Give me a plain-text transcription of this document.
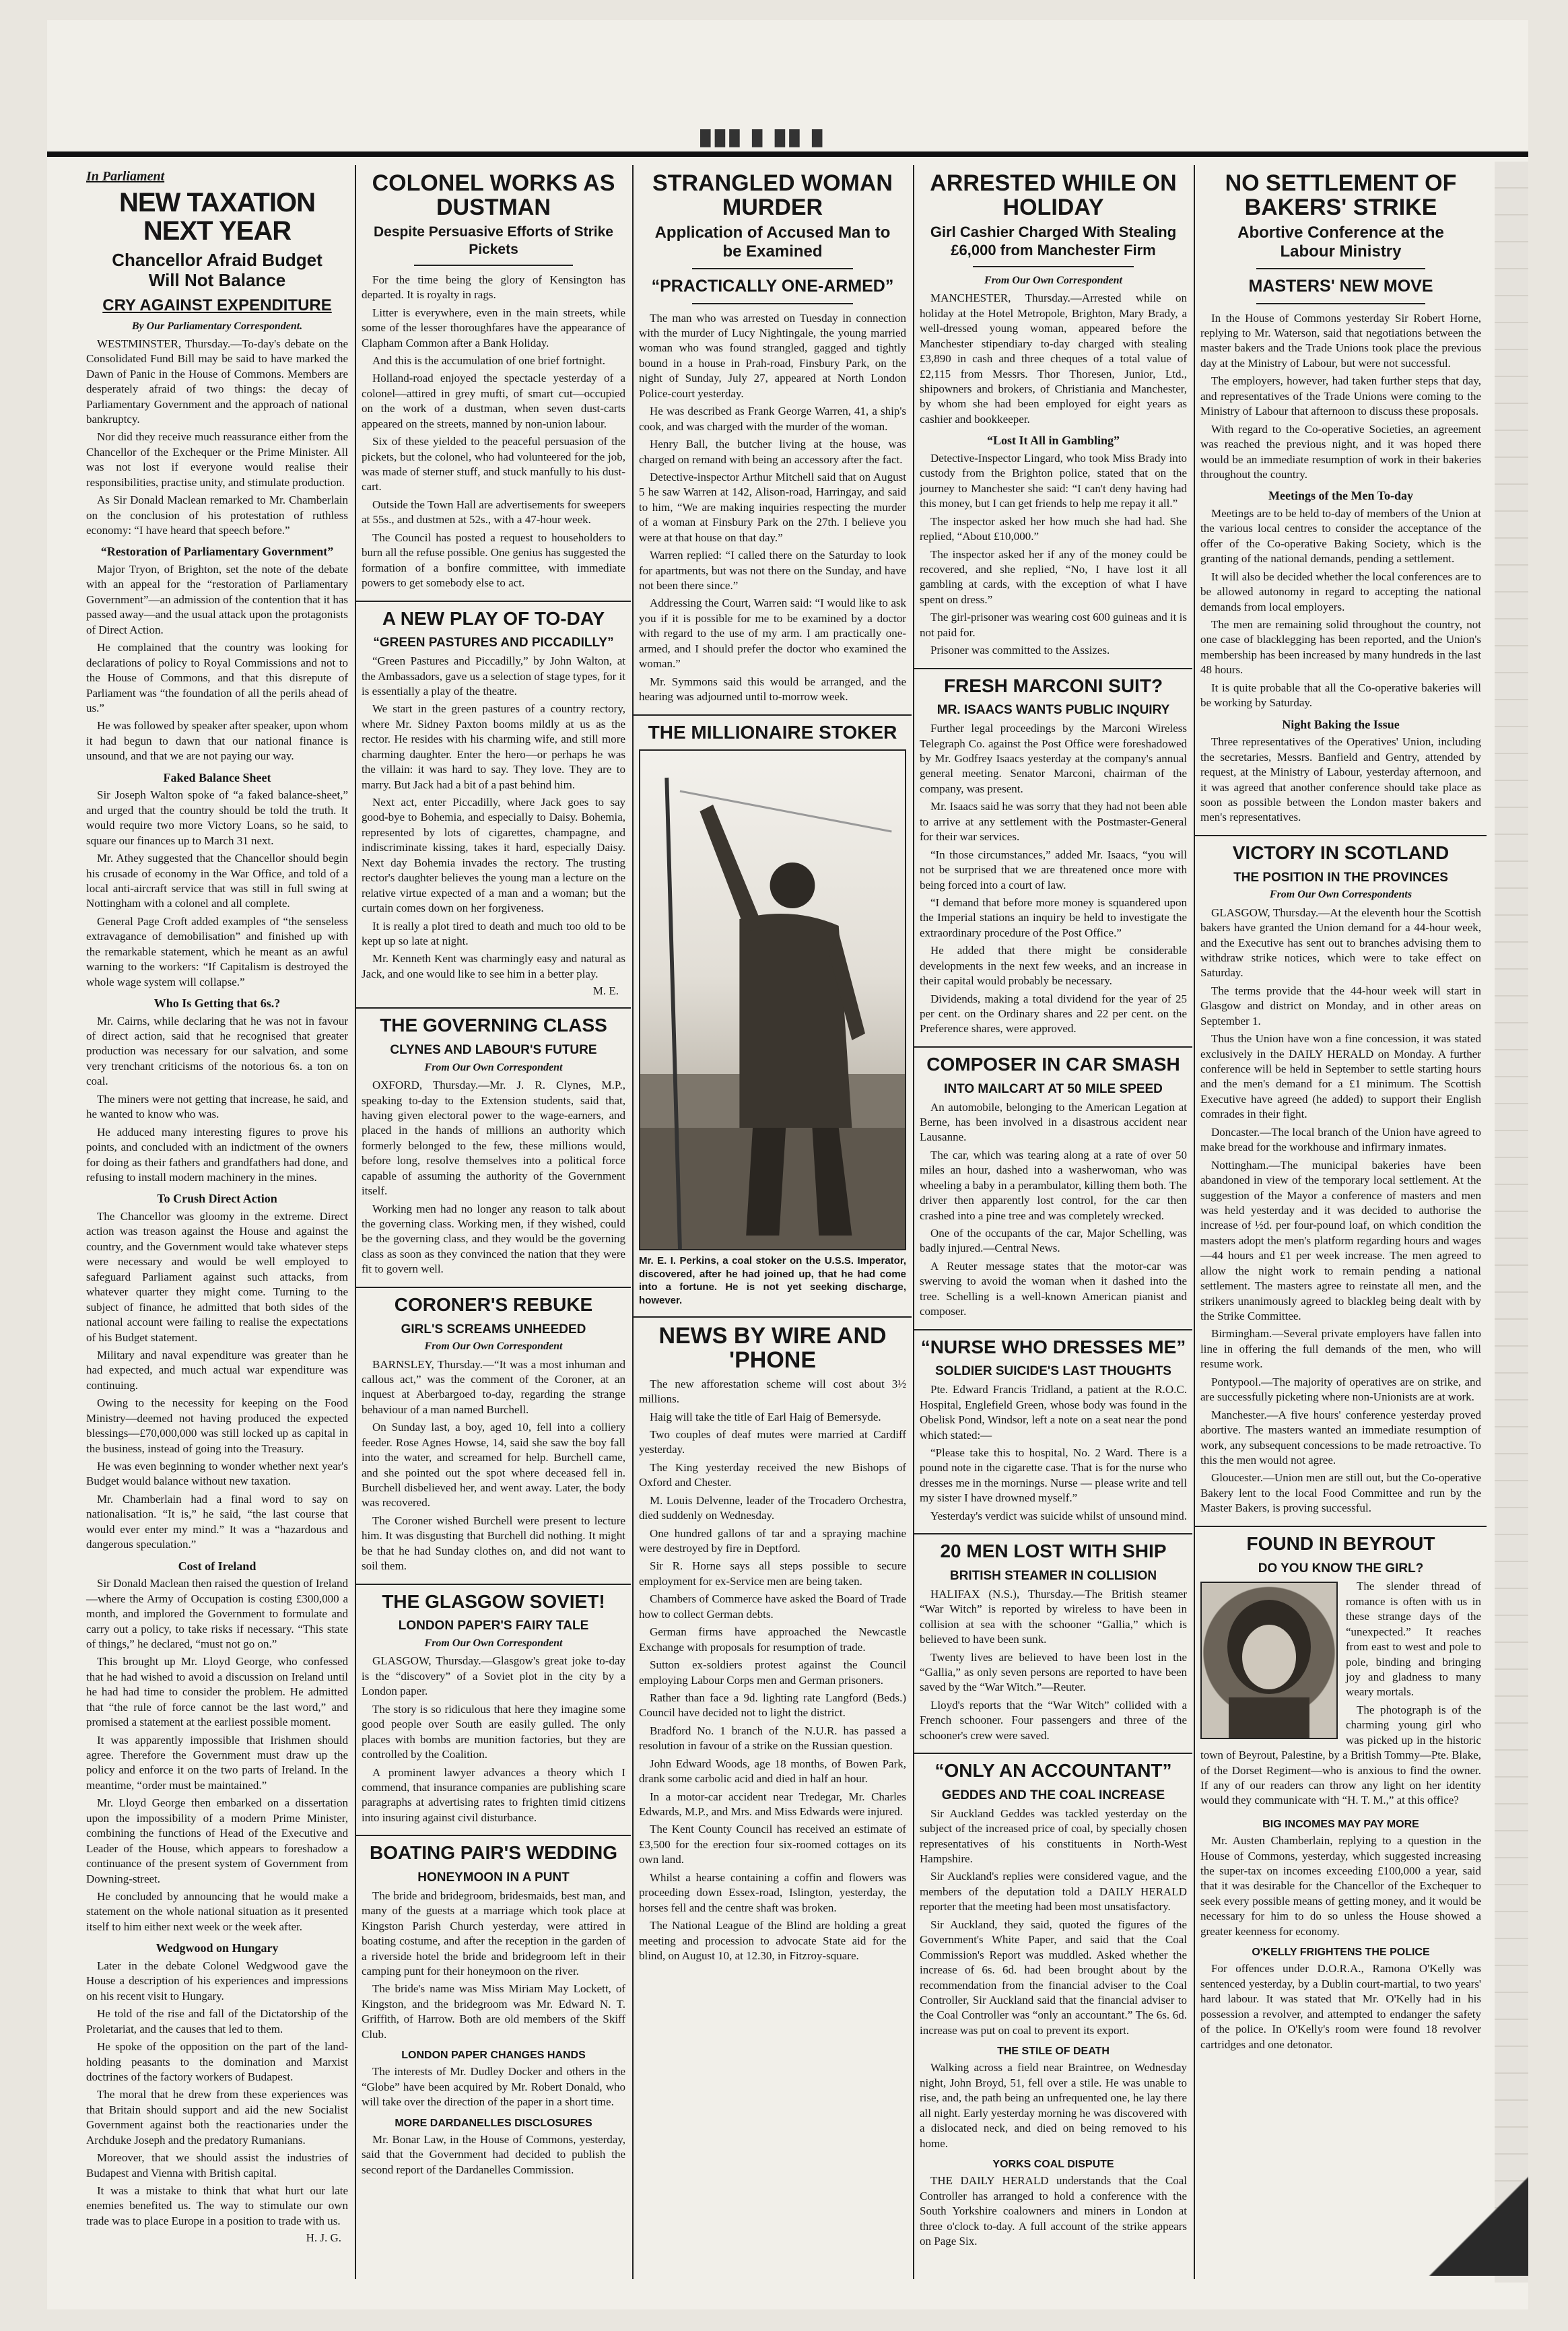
███ █ ██ █
In Parliament
NEW TAXATION NEXT YEAR
Chancellor Afraid Budget Will Not Balance
CRY AGAINST EXPENDITURE
By Our Parliamentary Correspondent.

WESTMINSTER, Thursday.—To-day's debate on the Consolidated Fund Bill may be said to have marked the Dawn of Panic in the House of Commons. Members are desperately afraid of two things: the decay of Parliamentary Government and the approach of national bankruptcy.

Nor did they receive much reassurance either from the Chancellor of the Exchequer or the Prime Minister. All was not lost if everyone would realise their responsibilities, practise unity, and stimulate production.

As Sir Donald Maclean remarked to Mr. Chamberlain on the conclusion of his protestation of ruthless economy: “I have heard that speech before.”

“Restoration of Parliamentary Government”

Major Tryon, of Brighton, set the note of the debate with an appeal for the “restoration of Parliamentary Government”—an admission of the contention that it has passed away—and the usual attack upon the protagonists of Direct Action.

He complained that the country was looking for declarations of policy to Royal Commissions and not to the House of Commons, and that this disrepute of Parliament was “the foundation of all the perils ahead of us.”

He was followed by speaker after speaker, upon whom it had begun to dawn that our national finance is unsound, and that we are not paying our way.

Faked Balance Sheet

Sir Joseph Walton spoke of “a faked balance-sheet,” and urged that the country should be told the truth. It would require two more Victory Loans, so he said, to square our finances up to March 31 next.

Mr. Athey suggested that the Chancellor should begin his crusade of economy in the War Office, and told of a local anti-aircraft service that was still in full swing at Nottingham with a colonel and all complete.

General Page Croft added examples of “the senseless extravagance of demobilisation” and finished up with the remarkable statement, which he meant as an awful warning to the workers: “If Capitalism is destroyed the whole wage system will collapse.”

Who Is Getting that 6s.?

Mr. Cairns, while declaring that he was not in favour of direct action, said that he recognised that greater production was necessary for our salvation, and some very trenchant criticisms of the notorious 6s. a ton on coal.

The miners were not getting that increase, he said, and he wanted to know who was.

He adduced many interesting figures to prove his points, and concluded with an indictment of the owners for doing as their fathers and grandfathers had done, and refusing to install modern machinery in the mines.

To Crush Direct Action

The Chancellor was gloomy in the extreme. Direct action was treason against the House and against the country, and the Government would take whatever steps were necessary and would be well employed to safeguard Parliament against such attacks, from whatever quarter they might come. Turning to the subject of finance, he admitted that both sides of the national account were failing to realise the expectations of his Budget statement.

Military and naval expenditure was greater than he had expected, and much actual war expenditure was continuing.

Owing to the necessity for keeping on the Food Ministry—deemed not having produced the expected blessings—£70,000,000 was still locked up as capital in the business, instead of going into the Treasury.

He was even beginning to wonder whether next year's Budget would balance without new taxation.

Mr. Chamberlain had a final word to say on nationalisation. “It is,” he said, “the last course that would ever enter my mind.” It was a “hazardous and dangerous speculation.”

Cost of Ireland

Sir Donald Maclean then raised the question of Ireland—where the Army of Occupation is costing £300,000 a month, and implored the Government to formulate and carry out a policy, to take risks if necessary. “This state of things,” he declared, “must not go on.”

This brought up Mr. Lloyd George, who confessed that he had wished to avoid a discussion on Ireland until he had had time to consider the problem. He admitted that “the rule of force cannot be the last word,” and promised a statement at the earliest possible moment.

It was apparently impossible that Irishmen should agree. Therefore the Government must draw up the policy and enforce it on the two parts of Ireland. In the meantime, “order must be maintained.”

Mr. Lloyd George then embarked on a dissertation upon the impossibility of a modern Prime Minister, combining the functions of Head of the Executive and Leader of the House, which appears to foreshadow a continuance of the present system of Government from Downing-street.

He concluded by announcing that he would make a statement on the whole national situation as it presented itself to him either next week or the week after.

Wedgwood on Hungary

Later in the debate Colonel Wedgwood gave the House a description of his experiences and impressions on his recent visit to Hungary.

He told of the rise and fall of the Dictatorship of the Proletariat, and the causes that led to them.

He spoke of the opposition on the part of the land-holding peasants to the domination and Marxist doctrines of the factory workers of Budapest.

The moral that he drew from these experiences was that Britain should support and aid the new Socialist Government against both the reactionaries under the Archduke Joseph and the predatory Rumanians.

Moreover, that we should assist the industries of Budapest and Vienna with British capital.

It was a mistake to think that what hurt our late enemies benefited us. The way to stimulate our own trade was to place Europe in a position to trade with us.

H. J. G.
COLONEL WORKS AS DUSTMAN
Despite Persuasive Efforts of Strike Pickets

For the time being the glory of Kensington has departed. It is royalty in rags.

Litter is everywhere, even in the main streets, while some of the lesser thoroughfares have the appearance of Clapham Common after a Bank Holiday.

And this is the accumulation of one brief fortnight.

Holland-road enjoyed the spectacle yesterday of a colonel—attired in grey mufti, of smart cut—occupied on the work of a dustman, when seven dust-carts appeared on the streets, manned by non-union labour.

Six of these yielded to the peaceful persuasion of the pickets, but the colonel, who had volunteered for the job, was made of sterner stuff, and stuck manfully to his dust-cart.

Outside the Town Hall are advertisements for sweepers at 55s., and dustmen at 52s., with a 47-hour week.

The Council has posted a request to householders to burn all the refuse possible. One genius has suggested the formation of a bonfire committee, with immediate powers to get somebody else to act.

A NEW PLAY OF TO-DAY
“GREEN PASTURES AND PICCADILLY”

“Green Pastures and Piccadilly,” by John Walton, at the Ambassadors, gave us a selection of stage types, for it is essentially a play of the theatre.

We start in the green pastures of a country rectory, where Mr. Sidney Paxton booms mildly at us as the rector. He resides with his charming wife, and still more charming daughter. Enter the hero—or perhaps he was the villain: it was hard to say. They love. They are to marry. But Jack had a bit of a past behind him.

Next act, enter Piccadilly, where Jack goes to say good-bye to Bohemia, and especially to Daisy. Bohemia, represented by lots of cigarettes, champagne, and indiscriminate kissing, takes it hard, especially Daisy. Next day Bohemia invades the rectory. The trusting rector's daughter believes the young man a lecture on the relative virtue expected of a man and a woman; but the curtain comes down on her forgiveness.

It is really a plot tired to death and much too old to be kept up so late at night.

Mr. Kenneth Kent was charmingly easy and natural as Jack, and one would like to see him in a better play.

M. E.
THE GOVERNING CLASS
CLYNES AND LABOUR'S FUTURE
From Our Own Correspondent

OXFORD, Thursday.—Mr. J. R. Clynes, M.P., speaking to-day to the Extension students, said that, having given electoral power to the wage-earners, and placed in the hands of millions an authority which formerly belonged to the few, these millions would, before long, resolve themselves into a political force capable of assuming the authority of the Government itself.

Working men had no longer any reason to talk about the governing class. Working men, if they wished, could be the governing class, and they would be the governing class as soon as they convinced the nation that they were fit to govern well.

CORONER'S REBUKE
GIRL'S SCREAMS UNHEEDED
From Our Own Correspondent

BARNSLEY, Thursday.—“It was a most inhuman and callous act,” was the comment of the Coroner, at an inquest at Aberbargoed to-day, regarding the strange behaviour of a man named Burchell.

On Sunday last, a boy, aged 10, fell into a colliery feeder. Rose Agnes Howse, 14, said she saw the boy fall into the water, and screamed for help. Burchell came, and she pointed out the spot where deceased fell in. Burchell disbelieved her, and went away. Later, the body was recovered.

The Coroner wished Burchell were present to lecture him. It was disgusting that Burchell did nothing. It might be that he had Sunday clothes on, and did not want to soil them.

THE GLASGOW SOVIET!
LONDON PAPER'S FAIRY TALE
From Our Own Correspondent

GLASGOW, Thursday.—Glasgow's great joke to-day is the “discovery” of a Soviet plot in the city by a London paper.

The story is so ridiculous that here they imagine some good people over South are easily gulled. The only places with bombs are munition factories, but they are controlled by the Coalition.

A prominent lawyer advances a theory which I commend, that insurance companies are publishing scare paragraphs at advertising rates to frighten timid citizens into insuring against civil disturbance.

BOATING PAIR'S WEDDING
HONEYMOON IN A PUNT

The bride and bridegroom, bridesmaids, best man, and many of the guests at a marriage which took place at Kingston Parish Church yesterday, were attired in boating costume, and after the reception in the garden of a riverside hotel the bride and bridegroom left in their camping punt for their honeymoon on the river.

The bride's name was Miss Miriam May Lockett, of Kingston, and the bridegroom was Mr. Edward N. T. Griffith, of Harrow. Both are old members of the Skiff Club.

LONDON PAPER CHANGES HANDS

The interests of Mr. Dudley Docker and others in the “Globe” have been acquired by Mr. Robert Donald, who will take over the direction of the paper in a short time.

MORE DARDANELLES DISCLOSURES

Mr. Bonar Law, in the House of Commons, yesterday, said that the Government had decided to publish the second report of the Dardanelles Commission.

STRANGLED WOMAN MURDER
Application of Accused Man to be Examined
“PRACTICALLY ONE-ARMED”

The man who was arrested on Tuesday in connection with the murder of Lucy Nightingale, the young married woman who was found strangled, gagged and tightly bound in a house in Prah-road, Finsbury Park, on the night of Sunday, July 27, appeared at North London Police-court yesterday.

He was described as Frank George Warren, 41, a ship's cook, and was charged with the murder of the woman.

Henry Ball, the butcher living at the house, was charged on remand with being an accessory after the fact.

Detective-inspector Arthur Mitchell said that on August 5 he saw Warren at 142, Alison-road, Harringay, and said to him, “We are making inquiries respecting the murder of a woman at Finsbury Park on the 27th. I believe you were at that house on that day.”

Warren replied: “I called there on the Saturday to look for apartments, but was not there on the Sunday, and have not been there since.”

Addressing the Court, Warren said: “I would like to ask you if it is possible for me to be examined by a doctor with regard to the use of my arm. I am practically one-armed, and I should prefer the doctor who examined the woman.”

Mr. Symmons said this would be arranged, and the hearing was adjourned until to-morrow week.

THE MILLIONAIRE STOKER
Mr. E. I. Perkins, a coal stoker on the U.S.S. Imperator, discovered, after he had joined up, that he had come into a fortune. He is not yet seeking discharge, however.
NEWS BY WIRE AND 'PHONE

The new afforestation scheme will cost about 3½ millions.

Haig will take the title of Earl Haig of Bemersyde.

Two couples of deaf mutes were married at Cardiff yesterday.

The King yesterday received the new Bishops of Oxford and Chester.

M. Louis Delvenne, leader of the Trocadero Orchestra, died suddenly on Wednesday.

One hundred gallons of tar and a spraying machine were destroyed by fire in Deptford.

Sir R. Horne says all steps possible to secure employment for ex-Service men are being taken.

Chambers of Commerce have asked the Board of Trade how to collect German debts.

German firms have approached the Newcastle Exchange with proposals for resumption of trade.

Sutton ex-soldiers protest against the Council employing Labour Corps men and German prisoners.

Rather than face a 9d. lighting rate Langford (Beds.) Council have decided not to light the district.

Bradford No. 1 branch of the N.U.R. has passed a resolution in favour of a strike on the Russian question.

John Edward Woods, age 18 months, of Bowen Park, drank some carbolic acid and died in half an hour.

In a motor-car accident near Tredegar, Mr. Charles Edwards, M.P., and Mrs. and Miss Edwards were injured.

The Kent County Council has received an estimate of £3,500 for the erection four six-roomed cottages on its own land.

Whilst a hearse containing a coffin and flowers was proceeding down Essex-road, Islington, yesterday, the horses fell and the centre shaft was broken.

The National League of the Blind are holding a great meeting and procession to advocate State aid for the blind, on August 10, at 12.30, in Fitzroy-square.

ARRESTED WHILE ON HOLIDAY
Girl Cashier Charged With Stealing £6,000 from Manchester Firm
From Our Own Correspondent

MANCHESTER, Thursday.—Arrested while on holiday at the Hotel Metropole, Brighton, Mary Brady, a well-dressed young woman, appeared before the Manchester stipendiary to-day charged with stealing £3,890 in cash and three cheques of a total value of £2,115 from Messrs. Thor Thoresen, Junior, Ltd., shipowners and brokers, of Christiania and Manchester, by whom she had been employed for eight years as cashier and bookkeeper.

“Lost It All in Gambling”

Detective-Inspector Lingard, who took Miss Brady into custody from the Brighton police, stated that on the journey to Manchester she said: “I can't deny having had this money, but I can get friends to help me repay it all.”

The inspector asked her how much she had had. She replied, “About £10,000.”

The inspector asked her if any of the money could be recovered, and she replied, “No, I have lost it all gambling at cards, with the exception of what I have spent on dress.”

The girl-prisoner was wearing cost 600 guineas and it is not paid for.

Prisoner was committed to the Assizes.

FRESH MARCONI SUIT?
MR. ISAACS WANTS PUBLIC INQUIRY

Further legal proceedings by the Marconi Wireless Telegraph Co. against the Post Office were foreshadowed by Mr. Godfrey Isaacs yesterday at the company's annual general meeting. Senator Marconi, chairman of the company, was present.

Mr. Isaacs said he was sorry that they had not been able to arrive at any settlement with the Postmaster-General for their war services.

“In those circumstances,” added Mr. Isaacs, “you will not be surprised that we are threatened once more with being forced into a court of law.

“I demand that before more money is squandered upon the Imperial stations an inquiry be held to investigate the extraordinary procedure of the Post Office.”

He added that there might be considerable developments in the next few weeks, and an increase in their capital would probably be necessary.

Dividends, making a total dividend for the year of 25 per cent. on the Ordinary shares and 22 per cent. on the Preference shares, were approved.

COMPOSER IN CAR SMASH
INTO MAILCART AT 50 MILE SPEED

An automobile, belonging to the American Legation at Berne, has been involved in a disastrous accident near Lausanne.

The car, which was tearing along at a rate of over 50 miles an hour, dashed into a washerwoman, who was wheeling a baby in a perambulator, killing them both. The driver then apparently lost control, for the car then crashed into a pine tree and was completely wrecked.

One of the occupants of the car, Major Schelling, was badly injured.—Central News.

A Reuter message states that the motor-car was swerving to avoid the woman when it dashed into the tree. Schelling is a well-known American pianist and composer.

“NURSE WHO DRESSES ME”
SOLDIER SUICIDE'S LAST THOUGHTS

Pte. Edward Francis Tridland, a patient at the R.O.C. Hospital, Englefield Green, whose body was found in the Obelisk Pond, Windsor, left a note on a seat near the pond which stated:—

“Please take this to hospital, No. 2 Ward. There is a pound note in the cigarette case. That is for the nurse who dresses me in the mornings. Nurse — please write and tell my sister I have drowned myself.”

Yesterday's verdict was suicide whilst of unsound mind.

20 MEN LOST WITH SHIP
BRITISH STEAMER IN COLLISION

HALIFAX (N.S.), Thursday.—The British steamer “War Witch” is reported by wireless to have been in collision at sea with the schooner “Gallia,” which is believed to have been sunk.

Twenty lives are believed to have been lost in the “Gallia,” as only seven persons are reported to have been saved by the “War Witch.”—Reuter.

Lloyd's reports that the “War Witch” collided with a French schooner. Four passengers and three of the schooner's crew were saved.

“ONLY AN ACCOUNTANT”
GEDDES AND THE COAL INCREASE

Sir Auckland Geddes was tackled yesterday on the subject of the increased price of coal, by specially chosen representatives of his constituents in North-West Hampshire.

Sir Auckland's replies were considered vague, and the members of the deputation told a DAILY HERALD reporter that the meeting had been most unsatisfactory.

Sir Auckland, they said, quoted the figures of the Government's White Paper, and said that the Coal Commission's Report was muddled. Asked whether the increase of 6s. 6d. had been brought about by the recommendation from the financial adviser to the Coal Controller, Sir Auckland said that the financial adviser to the Coal Controller was “only an accountant.” The 6s. 6d. increase was put on coal to prevent its export.

THE STILE OF DEATH

Walking across a field near Braintree, on Wednesday night, John Broyd, 51, fell over a stile. He was unable to rise, and, the path being an unfrequented one, he lay there all night. Early yesterday morning he was discovered with a dislocated neck, and died on being removed to his home.

YORKS COAL DISPUTE

THE DAILY HERALD understands that the Coal Controller has arranged to hold a conference with the South Yorkshire coalowners and miners in London at three o'clock to-day. A full account of the strike appears on Page Six.

NO SETTLEMENT OF BAKERS' STRIKE
Abortive Conference at the Labour Ministry
MASTERS' NEW MOVE

In the House of Commons yesterday Sir Robert Horne, replying to Mr. Waterson, said that negotiations between the master bakers and the Trade Unions took place the previous day at the Ministry of Labour, but were not successful.

The employers, however, had taken further steps that day, and representatives of the Trade Unions were coming to the Ministry of Labour that afternoon to discuss these proposals.

With regard to the Co-operative Societies, an agreement was reached the previous night, and it was hoped there would be an immediate resumption of work in their bakeries throughout the country.

Meetings of the Men To-day

Meetings are to be held to-day of members of the Union at the various local centres to consider the acceptance of the offer of the Co-operative Baking Society, which is the granting of the national demands, pending a settlement.

It will also be decided whether the local conferences are to be allowed autonomy in regard to accepting the national demands from local employers.

The men are remaining solid throughout the country, not one case of blacklegging has been reported, and the Union's membership has been increased by many hundreds in the last 48 hours.

It is quite probable that all the Co-operative bakeries will be working by Saturday.

Night Baking the Issue

Three representatives of the Operatives' Union, including the secretaries, Messrs. Banfield and Gentry, attended by request, at the Ministry of Labour, yesterday afternoon, and it was agreed that another conference should take place as soon as possible between the London master bakers and men's representatives.

VICTORY IN SCOTLAND
THE POSITION IN THE PROVINCES
From Our Own Correspondents

GLASGOW, Thursday.—At the eleventh hour the Scottish bakers have granted the Union demand for a 44-hour week, and the Executive has sent out to branches advising them to withdraw strike notices, which were to take effect on Saturday.

The terms provide that the 44-hour week will start in Glasgow and district on Monday, and in other areas on September 1.

Thus the Union have won a fine concession, it was stated exclusively in the DAILY HERALD on Monday. A further conference will be held in September to settle starting hours and the men's demand for a £1 minimum. The Scottish Executive have agreed (he added) to support their English comrades in their fight.

Doncaster.—The local branch of the Union have agreed to make bread for the workhouse and infirmary inmates.

Nottingham.—The municipal bakeries have been abandoned in view of the temporary local settlement. At the suggestion of the Mayor a conference of masters and men was held yesterday and it was decided to authorise the increase of ½d. per four-pound loaf, on which condition the masters adopt the men's platform regarding hours and wages—44 hours and £1 per week increase. The men agreed to allow the night work to remain pending a national settlement. The masters agree to reinstate all men, and the strikers unanimously agreed to blackleg being dealt with by the Strike Committee.

Birmingham.—Several private employers have fallen into line in offering the full demands of the men, who will resume work.

Pontypool.—The majority of operatives are on strike, and are successfully picketing where non-Unionists are at work.

Manchester.—A five hours' conference yesterday proved abortive. The masters wanted an immediate resumption of work, any subsequent concessions to be made retroactive. To this the men would not agree.

Gloucester.—Union men are still out, but the Co-operative Bakery lent to the local Food Committee and run by the Master Bakers, is proving successful.

FOUND IN BEYROUT
DO YOU KNOW THE GIRL?

The slender thread of romance is often with us in these strange days of the “unexpected.” It reaches from east to west and pole to pole, binding and bringing joy and gladness to many weary mortals.

The photograph is of the charming young girl who was picked up in the historic town of Beyrout, Palestine, by a British Tommy—Pte. Blake, of the Dorset Regiment—who is anxious to find the owner. If any of our readers can throw any light on her identity would they communicate with “H. T. M.,” at this office?

BIG INCOMES MAY PAY MORE

Mr. Austen Chamberlain, replying to a question in the House of Commons, yesterday, which suggested increasing the super-tax on incomes exceeding £100,000 a year, said that it was desirable for the Chancellor of the Exchequer to seek every possible means of getting money, and it would be necessary for him to do so unless the House showed a greater keenness for economy.

O'KELLY FRIGHTENS THE POLICE

For offences under D.O.R.A., Ramona O'Kelly was sentenced yesterday, by a Dublin court-martial, to two years' hard labour. It was stated that Mr. O'Kelly had in his possession a revolver, and attempted to endanger the safety of the police. In O'Kelly's room were found 18 revolver cartridges and one detonator.
